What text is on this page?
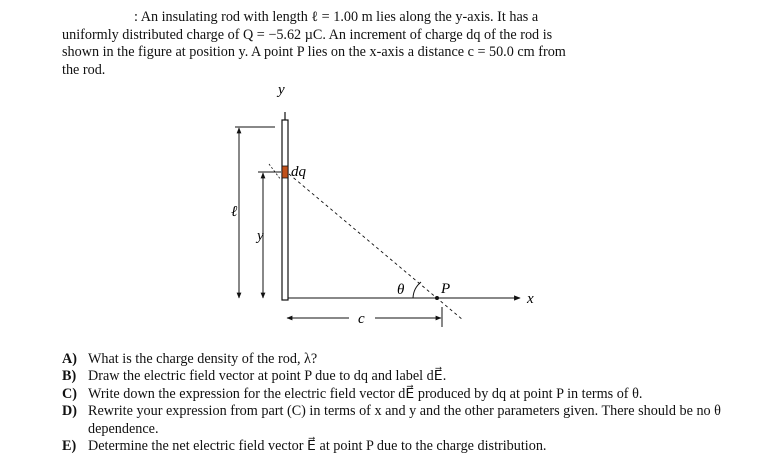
: An insulating rod with length ℓ = 1.00 m lies along the y-axis. It has a

uniformly distributed charge of Q = −5.62 µC. An increment of charge dq of the rod is

shown in the figure at position y. A point P lies on the x-axis a distance c = 50.0 cm from

the rod.

y
dq
ℓ
y
x
θ P
c
A) What is the charge density of the rod, λ?
B) Draw the electric field vector at point P due to dq and label dE⃗.
C) Write down the expression for the electric field vector dE⃗ produced by dq at point P in terms of θ.
D) Rewrite your expression from part (C) in terms of x and y and the other parameters given. There should be no θ dependence.
E) Determine the net electric field vector E⃗ at point P due to the charge distribution.
